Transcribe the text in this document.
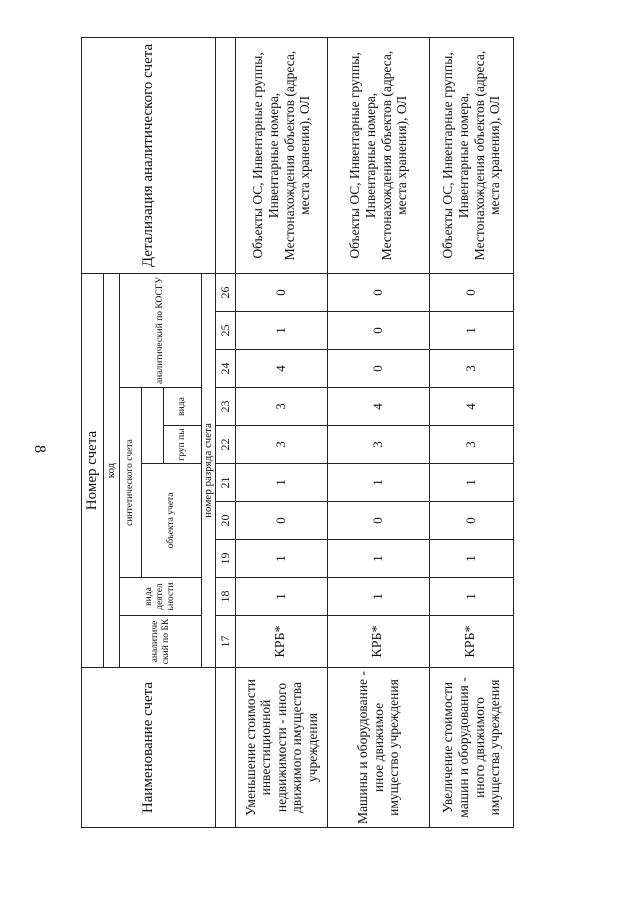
8
Наименование счета	Номер счета										Детализация аналитического счета
	код										
	аналитиче ский по БК	вида деятел ьности	синтетического счета					аналитический по КОСГУ			
			объекта учета								
						груп пы	вида				
	номер разряда счета										
	17	18	19	20	21	22	23	24	25	26	
Уменьшение стоимости инвестиционной недвижимости - иного движимого имущества учреждения	КРБ*	1	1	0	1	3	3	4	1	0	Объекты ОС, Инвентарные группы, Инвентарные номера, Местонахождения объектов (адреса, места хранения), ОЛ
Машины и оборудование - иное движимое имущество учреждения	КРБ*	1	1	0	1	3	4	0	0	0	Объекты ОС, Инвентарные группы, Инвентарные номера, Местонахождения объектов (адреса, места хранения), ОЛ
Увеличение стоимости машин и оборудования - иного движимого имущества учреждения	КРБ*	1	1	0	1	3	4	3	1	0	Объекты ОС, Инвентарные группы, Инвентарные номера, Местонахождения объектов (адреса, места хранения), ОЛ
